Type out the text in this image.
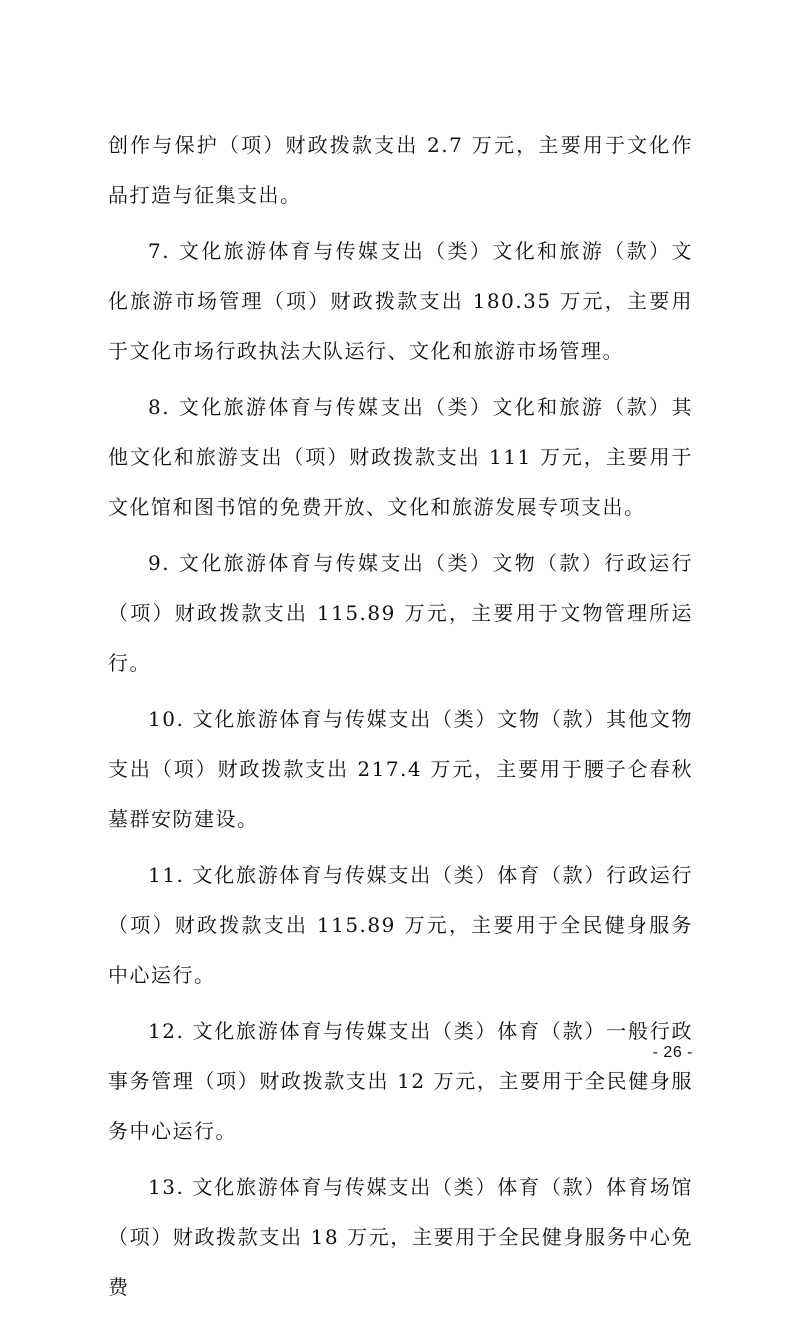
创作与保护（项）财政拨款支出 2.7 万元，主要用于文化作品打造与征集支出。

7. 文化旅游体育与传媒支出（类）文化和旅游（款）文化旅游市场管理（项）财政拨款支出 180.35 万元，主要用于文化市场行政执法大队运行、文化和旅游市场管理。

8. 文化旅游体育与传媒支出（类）文化和旅游（款）其他文化和旅游支出（项）财政拨款支出 111 万元，主要用于文化馆和图书馆的免费开放、文化和旅游发展专项支出。

9. 文化旅游体育与传媒支出（类）文物（款）行政运行（项）财政拨款支出 115.89 万元，主要用于文物管理所运行。

10. 文化旅游体育与传媒支出（类）文物（款）其他文物支出（项）财政拨款支出 217.4 万元，主要用于腰子仑春秋墓群安防建设。

11. 文化旅游体育与传媒支出（类）体育（款）行政运行（项）财政拨款支出 115.89 万元，主要用于全民健身服务中心运行。

12. 文化旅游体育与传媒支出（类）体育（款）一般行政事务管理（项）财政拨款支出 12 万元，主要用于全民健身服务中心运行。

13. 文化旅游体育与传媒支出（类）体育（款）体育场馆（项）财政拨款支出 18 万元，主要用于全民健身服务中心免费

- 26 -
